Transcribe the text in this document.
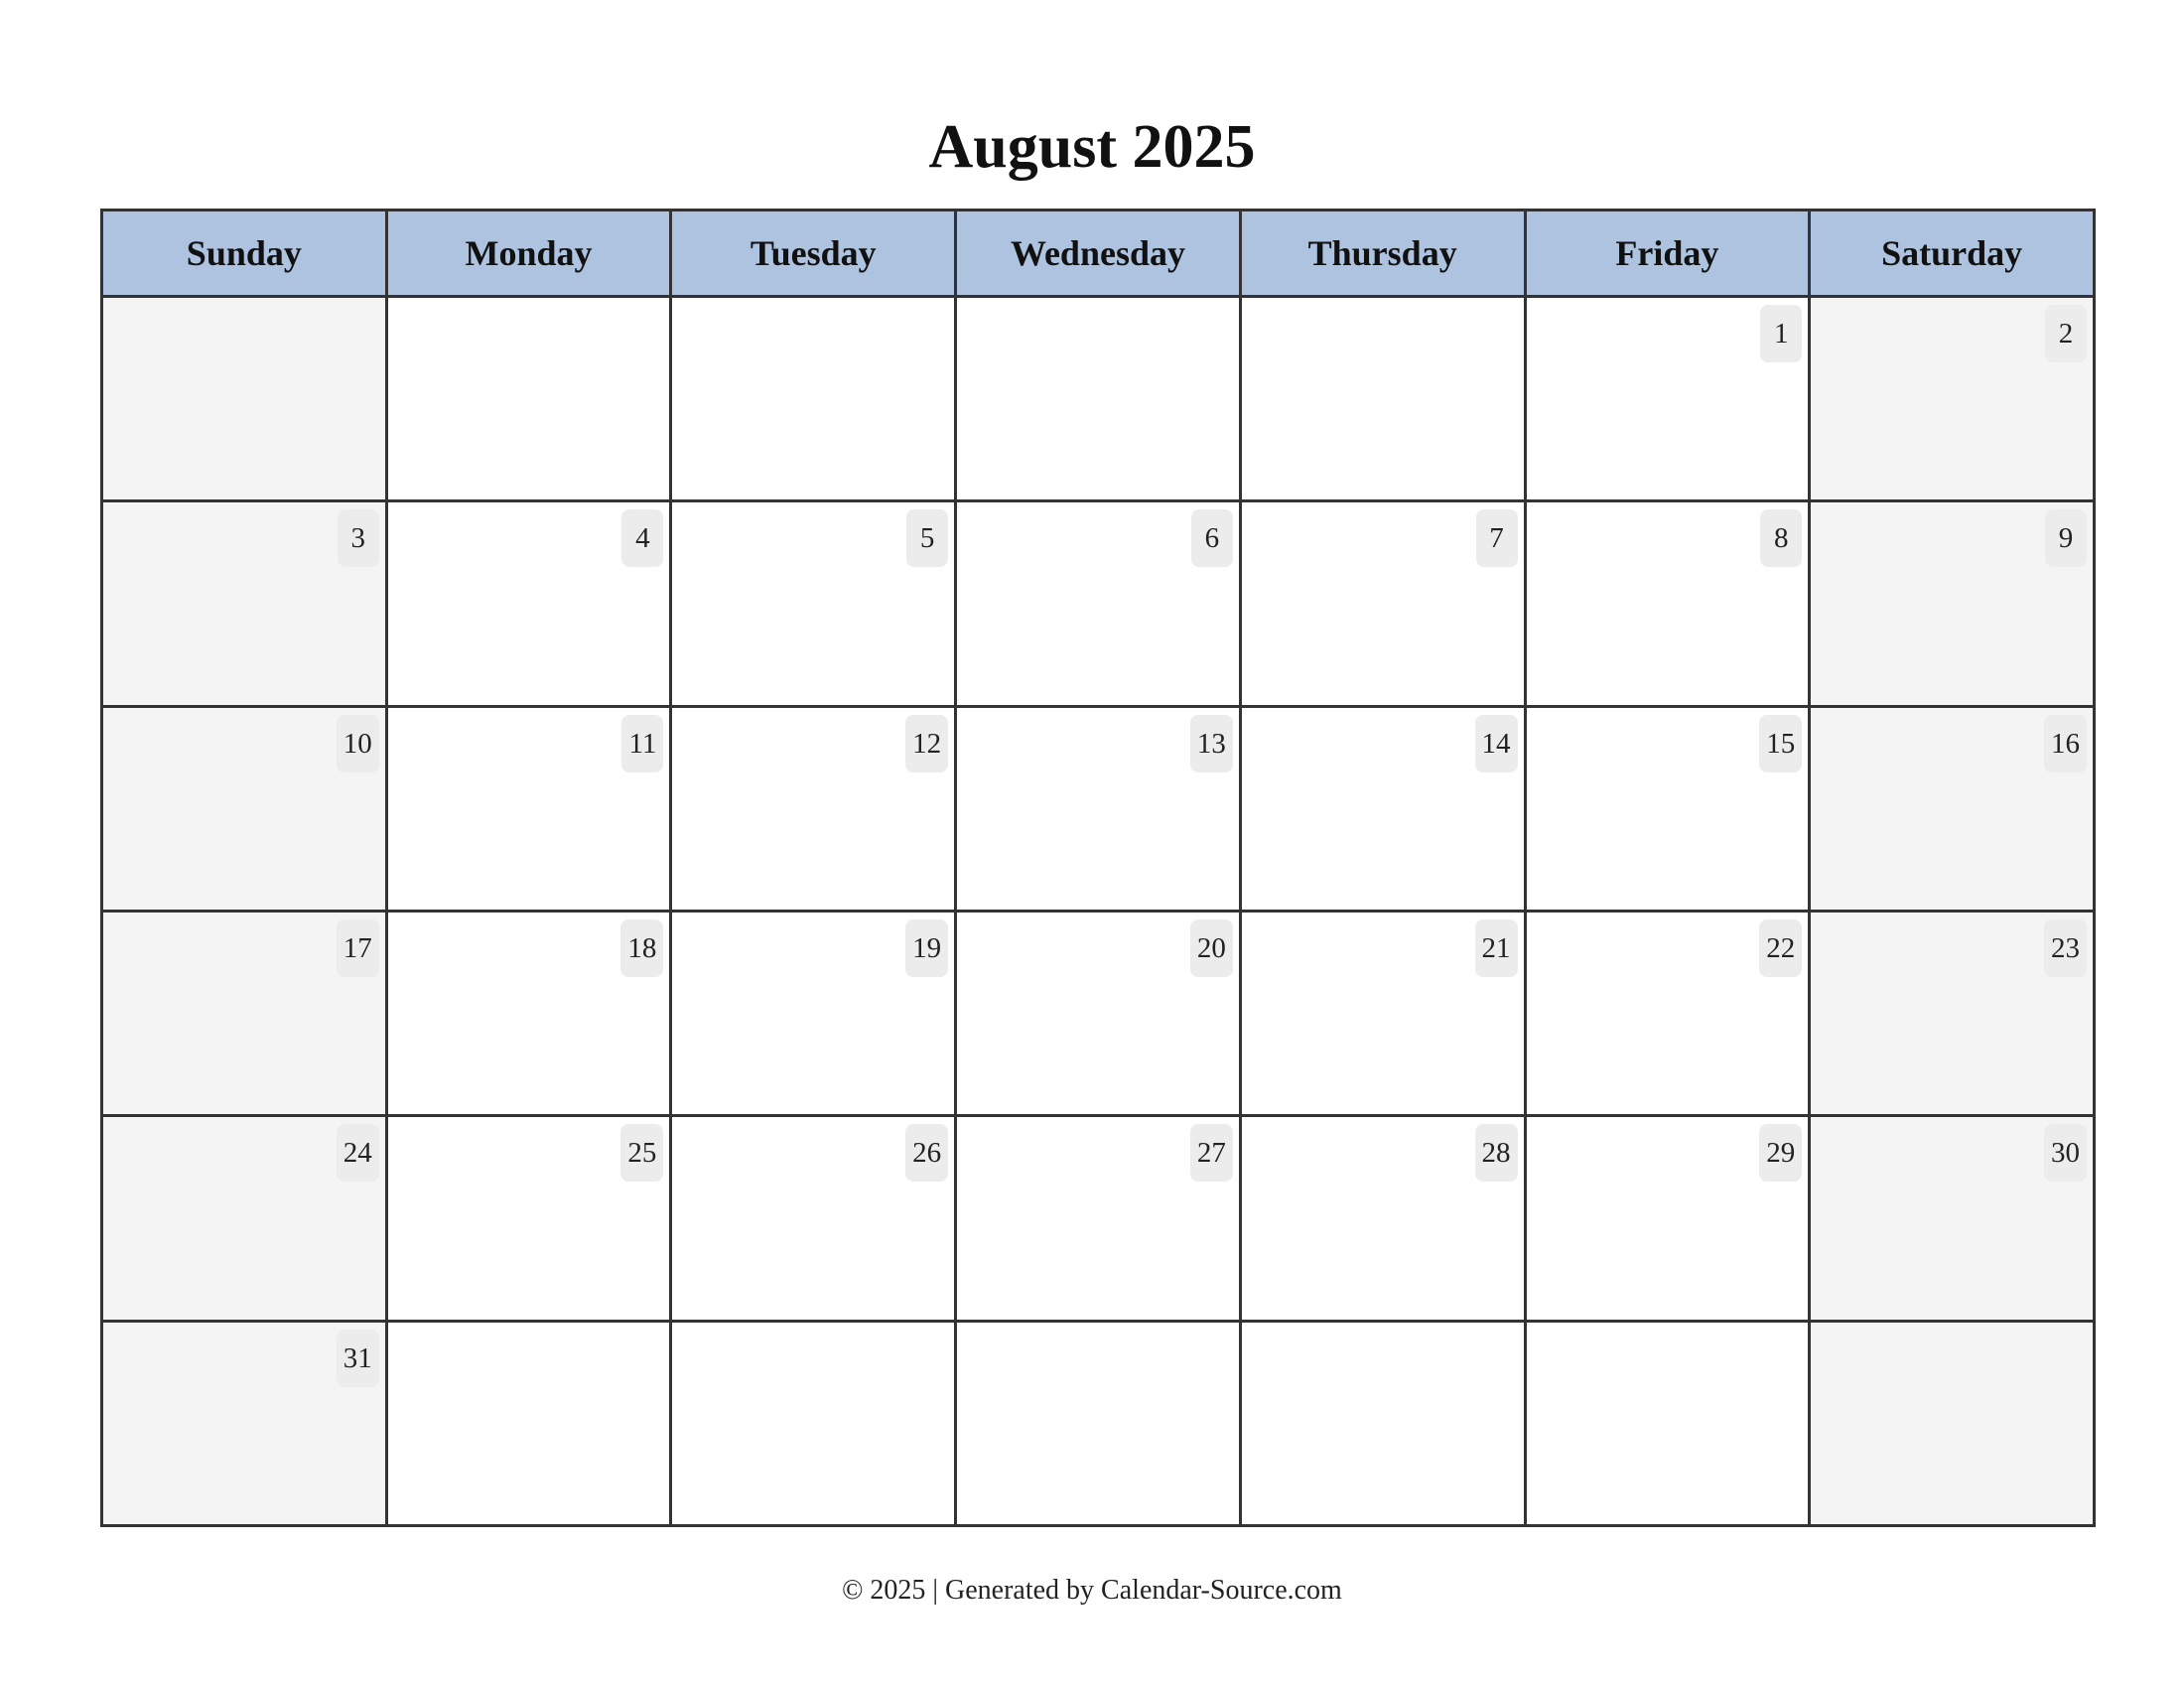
August 2025
Sunday	Monday	Tuesday	Wednesday	Thursday	Friday	Saturday

					1	2

3	4	5	6	7	8	9

10	11	12	13	14	15	16

17	18	19	20	21	22	23

24	25	26	27	28	29	30

31						

© 2025 | Generated by Calendar-Source.com
